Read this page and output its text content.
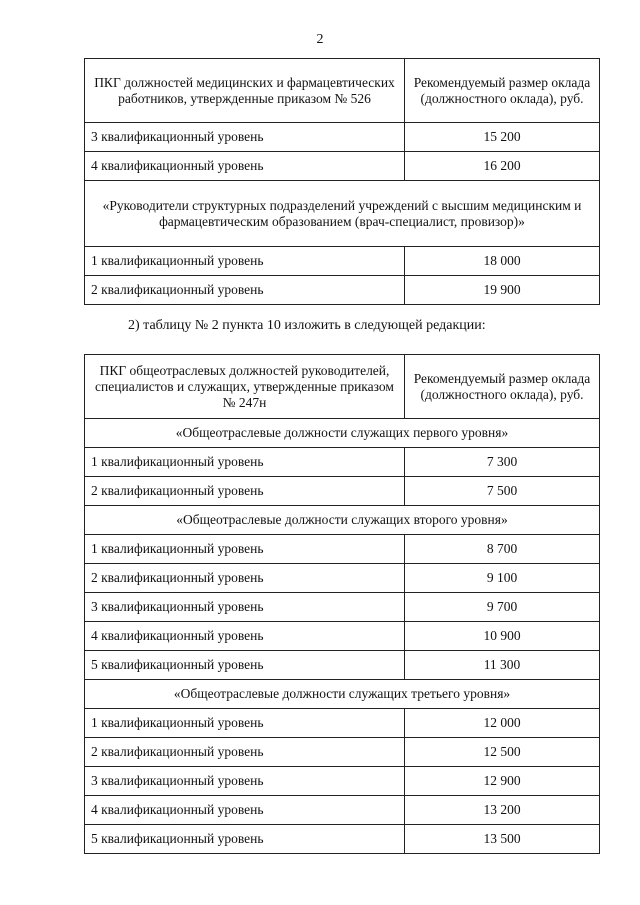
2
ПКГ должностей медицинских и фармацевтических работников, утвержденные приказом № 526	Рекомендуемый размер оклада (должностного оклада), руб.
3 квалификационный уровень	15 200
4 квалификационный уровень	16 200
«Руководители структурных подразделений учреждений с высшим медицинским и фармацевтическим образованием (врач-специалист, провизор)»	
1 квалификационный уровень	18 000
2 квалификационный уровень	19 900
2) таблицу № 2 пункта 10 изложить в следующей редакции:
ПКГ общеотраслевых должностей руководителей, специалистов и служащих, утвержденные приказом № 247н	Рекомендуемый размер оклада (должностного оклада), руб.
«Общеотраслевые должности служащих первого уровня»	
1 квалификационный уровень	7 300
2 квалификационный уровень	7 500
«Общеотраслевые должности служащих второго уровня»	
1 квалификационный уровень	8 700
2 квалификационный уровень	9 100
3 квалификационный уровень	9 700
4 квалификационный уровень	10 900
5 квалификационный уровень	11 300
«Общеотраслевые должности служащих третьего уровня»	
1 квалификационный уровень	12 000
2 квалификационный уровень	12 500
3 квалификационный уровень	12 900
4 квалификационный уровень	13 200
5 квалификационный уровень	13 500
